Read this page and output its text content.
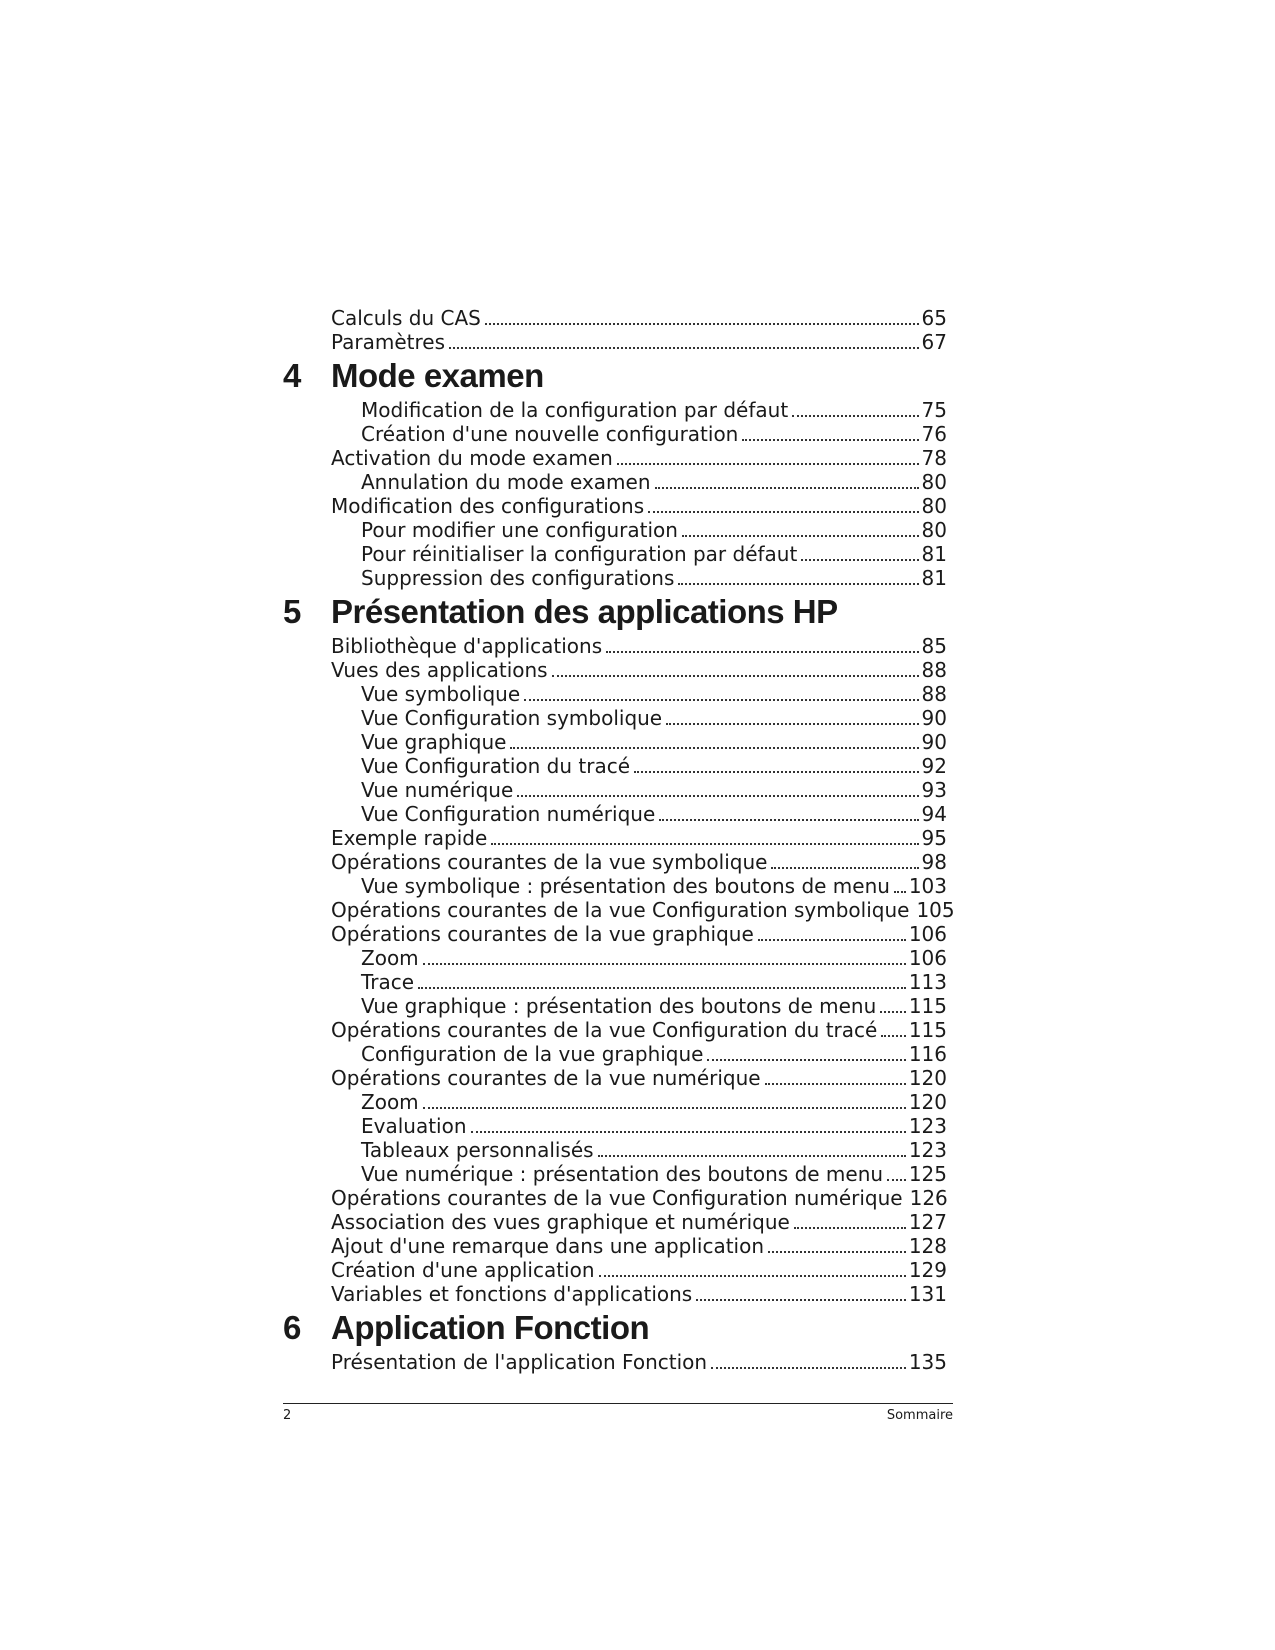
Calculs du CAS	65
Paramètres	67
4 Mode examen
Modification de la configuration par défaut	75
Création d'une nouvelle configuration	76
Activation du mode examen	78
Annulation du mode examen	80
Modification des configurations	80
Pour modifier une configuration	80
Pour réinitialiser la configuration par défaut	81
Suppression des configurations	81
5 Présentation des applications HP
Bibliothèque d'applications	85
Vues des applications	88
Vue symbolique	88
Vue Configuration symbolique	90
Vue graphique	90
Vue Configuration du tracé	92
Vue numérique	93
Vue Configuration numérique	94
Exemple rapide	95
Opérations courantes de la vue symbolique	98
Vue symbolique : présentation des boutons de menu 103
Opérations courantes de la vue Configuration symbolique 105
Opérations courantes de la vue graphique	106
Zoom	106
Trace	113
Vue graphique : présentation des boutons de menu 115
Opérations courantes de la vue Configuration du tracé 115
Configuration de la vue graphique	116
Opérations courantes de la vue numérique	120
Zoom	120
Evaluation	123
Tableaux personnalisés	123
Vue numérique : présentation des boutons de menu 125
Opérations courantes de la vue Configuration numérique 126
Association des vues graphique et numérique	127
Ajout d'une remarque dans une application	128
Création d'une application	129
Variables et fonctions d'applications	131
6 Application Fonction
Présentation de l'application Fonction	135
2	Sommaire
